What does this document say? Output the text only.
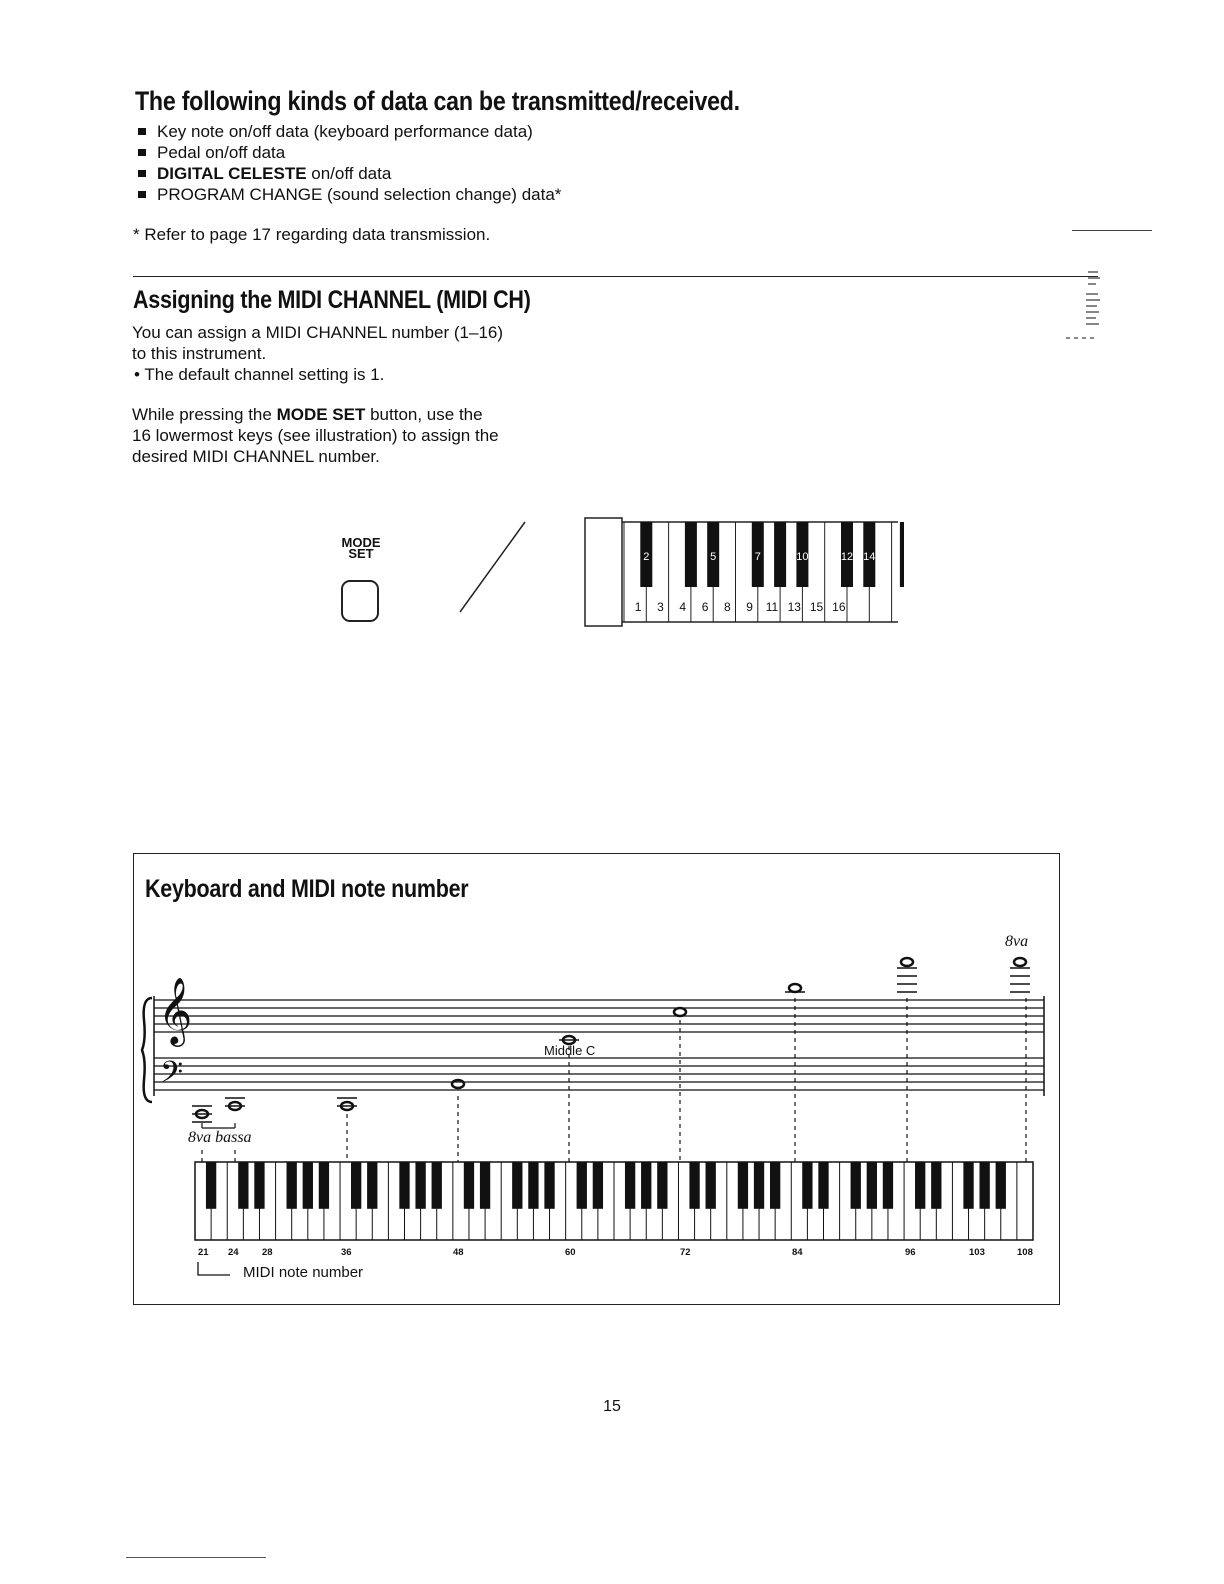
The following kinds of data can be transmitted/received.
Key note on/off data (keyboard performance data)
Pedal on/off data
DIGITAL CELESTE on/off data
PROGRAM CHANGE (sound selection change) data*
* Refer to page 17 regarding data transmission.
Assigning the MIDI CHANNEL (MIDI CH)
You can assign a MIDI CHANNEL number (1–16)
to this instrument.
• The default channel setting is 1.
While pressing the MODE SET button, use the
16 lowermost keys (see illustration) to assign the
desired MIDI CHANNEL number.
MODE
SET
1 3 4 6 8 9 11 13 15 16
2	5	7	10	12 14
Keyboard and MIDI note number
𝄞
𝄢
8va
8va bassa
Middle C
21 24 28	36	48	60	72	84	96	103	108
MIDI note number
15
